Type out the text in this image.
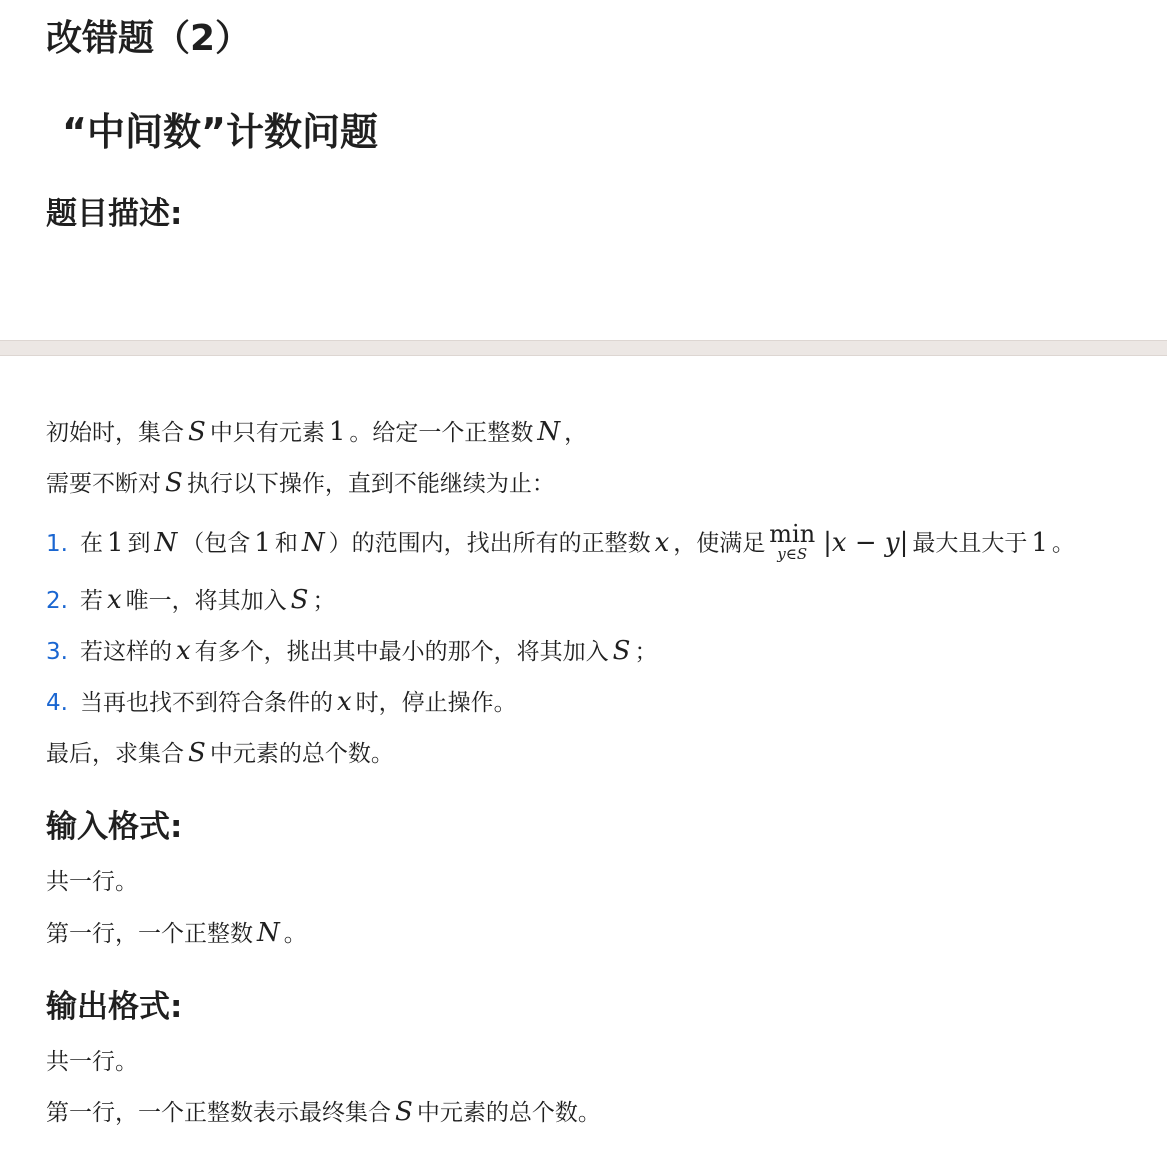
改错题（2）
“中间数”计数问题
题目描述:
初始时，集合 S 中只有元素 1 。给定一个正整数 N ，
需要不断对 S 执行以下操作，直到不能继续为止：
1. 在 1 到 N （包含 1 和 N ）的范围内，找出所有的正整数 x ，使满足 min
y∈S |x − y| 最大且大于 1 。
2. 若 x 唯一，将其加入 S ；
3. 若这样的 x 有多个，挑出其中最小的那个，将其加入 S ；
4. 当再也找不到符合条件的 x 时，停止操作。
最后，求集合 S 中元素的总个数。
输入格式:
共一行。
第一行，一个正整数 N 。
输出格式:
共一行。
第一行，一个正整数表示最终集合 S 中元素的总个数。
